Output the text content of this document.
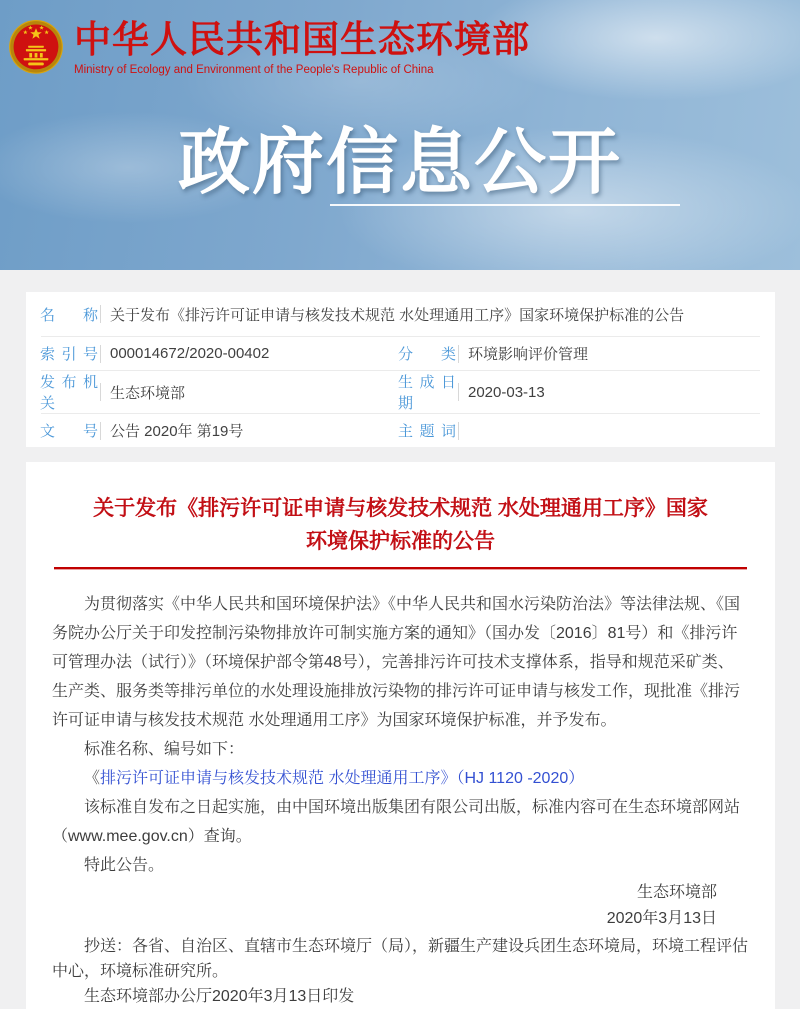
中华人民共和国生态环境部
Ministry of Ecology and Environment of the People's Republic of China
政府信息公开
名称 关于发布《排污许可证申请与核发技术规范 水处理通用工序》国家环境保护标准的公告
索引号 000014672/2020-00402	分类 环境影响评价管理
发布机关
生态环境部
生成日期
2020-03-13
文号 公告 2020年 第19号	主题词
关于发布《排污许可证申请与核发技术规范 水处理通用工序》国家环境保护标准的公告

为贯彻落实《中华人民共和国环境保护法》《中华人民共和国水污染防治法》等法律法规、《国务院办公厅关于印发控制污染物排放许可制实施方案的通知》（国办发〔2016〕81号）和《排污许可管理办法（试行）》（环境保护部令第48号），完善排污许可技术支撑体系，指导和规范采矿类、生产类、服务类等排污单位的水处理设施排放污染物的排污许可证申请与核发工作，现批准《排污许可证申请与核发技术规范 水处理通用工序》为国家环境保护标准，并予发布。

标准名称、编号如下：

《排污许可证申请与核发技术规范 水处理通用工序》（HJ 1120 -2020）

该标准自发布之日起实施，由中国环境出版集团有限公司出版，标准内容可在生态环境部网站（www.mee.gov.cn）查询。

特此公告。

生态环境部
2020年3月13日

抄送：各省、自治区、直辖市生态环境厅（局），新疆生产建设兵团生态环境局，环境工程评估中心，环境标准研究所。

生态环境部办公厅2020年3月13日印发
